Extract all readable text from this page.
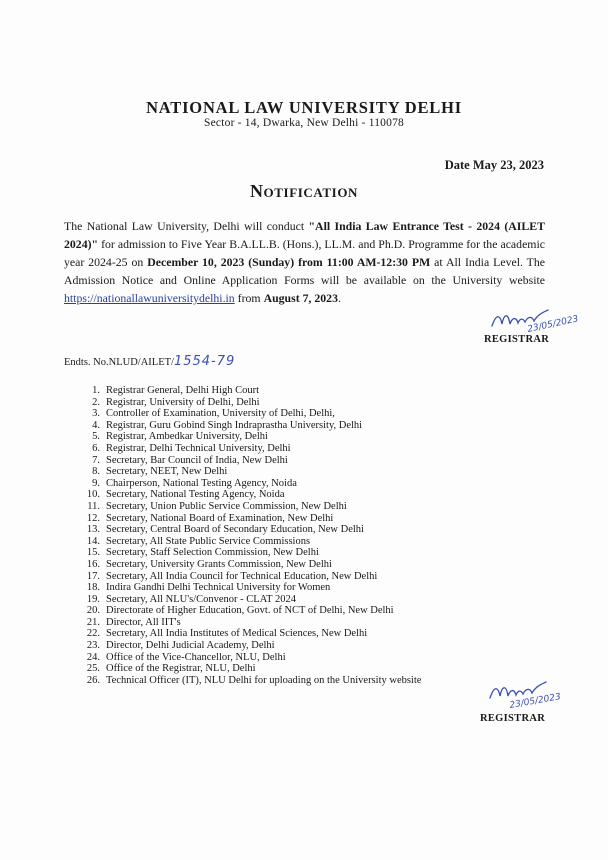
NATIONAL LAW UNIVERSITY DELHI
Sector - 14, Dwarka, New Delhi - 110078
Date May 23, 2023
Notification
The National Law University, Delhi will conduct "All India Law Entrance Test - 2024 (AILET 2024)" for admission to Five Year B.A.LL.B. (Hons.), LL.M. and Ph.D. Programme for the academic year 2024-25 on December 10, 2023 (Sunday) from 11:00 AM-12:30 PM at All India Level. The Admission Notice and Online Application Forms will be available on the University website https://nationallawuniversitydelhi.in from August 7, 2023.
23/05/2023
REGISTRAR
Endts. No.NLUD/AILET/1554-79
1. Registrar General, Delhi High Court
2. Registrar, University of Delhi, Delhi
3. Controller of Examination, University of Delhi, Delhi,
4. Registrar, Guru Gobind Singh Indraprastha University, Delhi
5. Registrar, Ambedkar University, Delhi
6. Registrar, Delhi Technical University, Delhi
7. Secretary, Bar Council of India, New Delhi
8. Secretary, NEET, New Delhi
9. Chairperson, National Testing Agency, Noida
10. Secretary, National Testing Agency, Noida
11. Secretary, Union Public Service Commission, New Delhi
12. Secretary, National Board of Examination, New Delhi
13. Secretary, Central Board of Secondary Education, New Delhi
14. Secretary, All State Public Service Commissions
15. Secretary, Staff Selection Commission, New Delhi
16. Secretary, University Grants Commission, New Delhi
17. Secretary, All India Council for Technical Education, New Delhi
18. Indira Gandhi Delhi Technical University for Women
19. Secretary, All NLU's/Convenor - CLAT 2024
20. Directorate of Higher Education, Govt. of NCT of Delhi, New Delhi
21. Director, All IIT's
22. Secretary, All India Institutes of Medical Sciences, New Delhi
23. Director, Delhi Judicial Academy, Delhi
24. Office of the Vice-Chancellor, NLU, Delhi
25. Office of the Registrar, NLU, Delhi
26. Technical Officer (IT), NLU Delhi for uploading on the University website
23/05/2023
REGISTRAR
